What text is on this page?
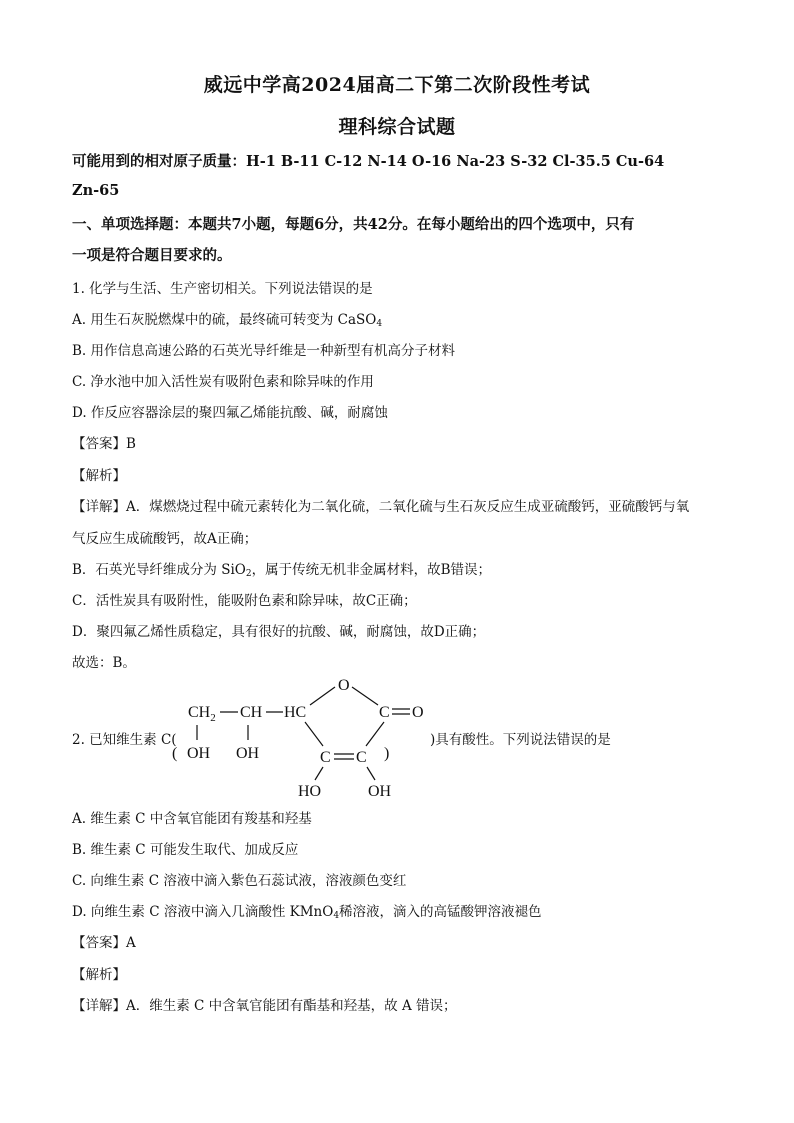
威远中学高2024届高二下第二次阶段性考试
理科综合试题
可能用到的相对原子质量：H-1 B-11 C-12 N-14 O-16 Na-23 S-32 Cl-35.5 Cu-64
Zn-65
一、单项选择题：本题共7小题，每题6分，共42分。在每小题给出的四个选项中，只有
一项是符合题目要求的。
1. 化学与生活、生产密切相关。下列说法错误的是
A. 用生石灰脱燃煤中的硫，最终硫可转变为 CaSO4
B. 用作信息高速公路的石英光导纤维是一种新型有机高分子材料
C. 净水池中加入活性炭有吸附色素和除异味的作用
D. 作反应容器涂层的聚四氟乙烯能抗酸、碱，耐腐蚀
【答案】B
【解析】
【详解】A．煤燃烧过程中硫元素转化为二氧化硫，二氧化硫与生石灰反应生成亚硫酸钙，亚硫酸钙与氧
气反应生成硫酸钙，故A正确；
B．石英光导纤维成分为 SiO2，属于传统无机非金属材料，故B错误；
C．活性炭具有吸附性，能吸附色素和除异味，故C正确；
D．聚四氟乙烯性质稳定，具有很好的抗酸、碱，耐腐蚀，故D正确；
故选：B。
2. 已知维生素 C(
$CH_2$ CH HC
( OH OH
O
C O
C C )
HO	OH
)具有酸性。下列说法错误的是
A. 维生素 C 中含氧官能团有羧基和羟基
B. 维生素 C 可能发生取代、加成反应
C. 向维生素 C 溶液中滴入紫色石蕊试液，溶液颜色变红
D. 向维生素 C 溶液中滴入几滴酸性 KMnO4稀溶液，滴入的高锰酸钾溶液褪色
【答案】A
【解析】
【详解】A．维生素 C 中含氧官能团有酯基和羟基，故 A 错误；
